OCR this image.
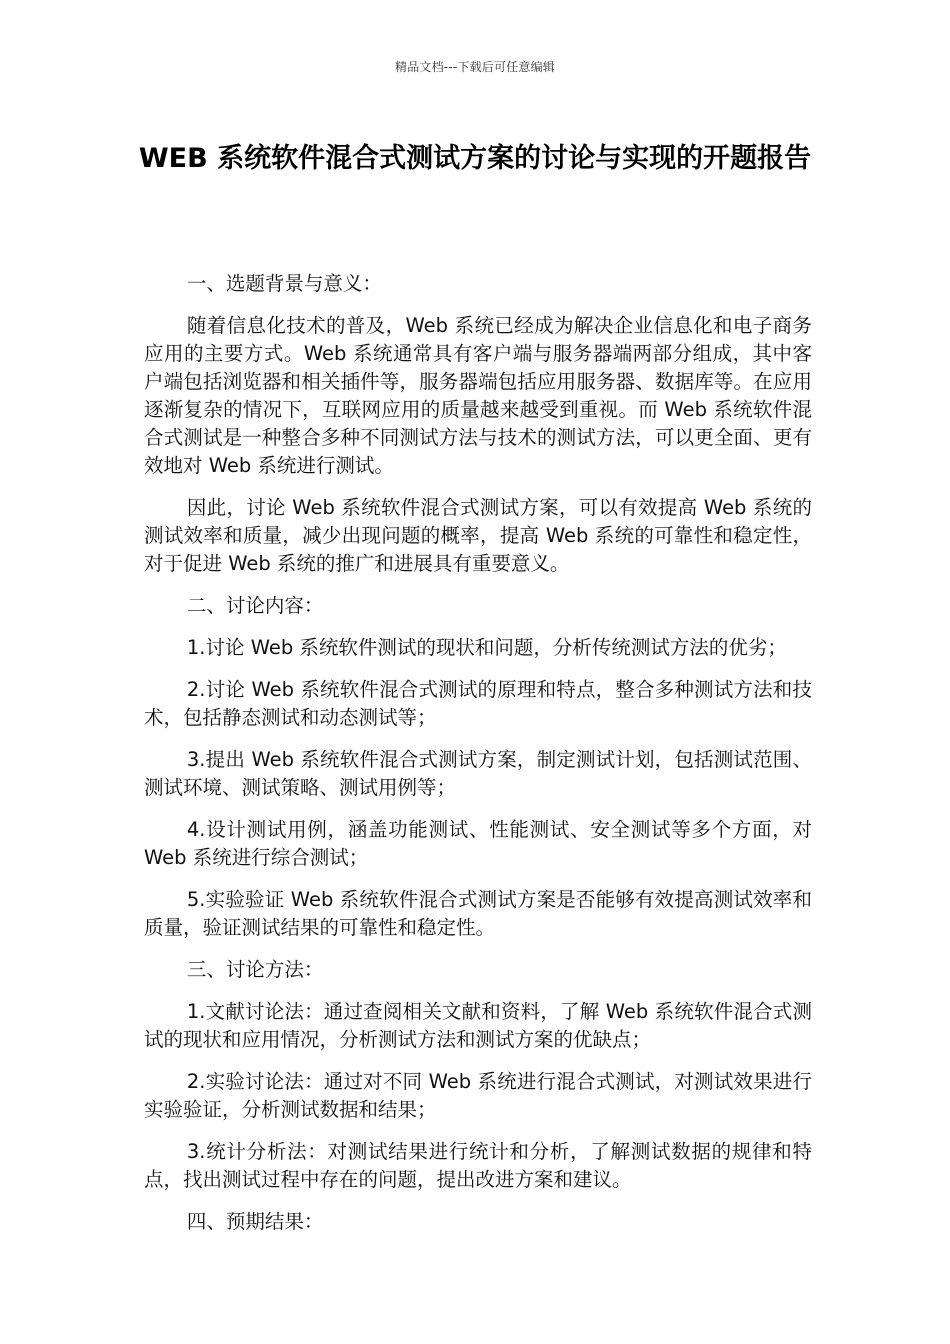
精品文档---下载后可任意编辑
WEB 系统软件混合式测试方案的讨论与实现的开题报告

一、选题背景与意义：

随着信息化技术的普及，Web 系统已经成为解决企业信息化和电子商务应用的主要方式。Web 系统通常具有客户端与服务器端两部分组成，其中客户端包括浏览器和相关插件等，服务器端包括应用服务器、数据库等。在应用逐渐复杂的情况下，互联网应用的质量越来越受到重视。而 Web 系统软件混合式测试是一种整合多种不同测试方法与技术的测试方法，可以更全面、更有效地对 Web 系统进行测试。

因此，讨论 Web 系统软件混合式测试方案，可以有效提高 Web 系统的测试效率和质量，减少出现问题的概率，提高 Web 系统的可靠性和稳定性，对于促进 Web 系统的推广和进展具有重要意义。

二、讨论内容：

1.讨论 Web 系统软件测试的现状和问题，分析传统测试方法的优劣；

2.讨论 Web 系统软件混合式测试的原理和特点，整合多种测试方法和技术，包括静态测试和动态测试等；

3.提出 Web 系统软件混合式测试方案，制定测试计划，包括测试范围、测试环境、测试策略、测试用例等；

4.设计测试用例，涵盖功能测试、性能测试、安全测试等多个方面，对 Web 系统进行综合测试；

5.实验验证 Web 系统软件混合式测试方案是否能够有效提高测试效率和质量，验证测试结果的可靠性和稳定性。

三、讨论方法：

1.文献讨论法：通过查阅相关文献和资料，了解 Web 系统软件混合式测试的现状和应用情况，分析测试方法和测试方案的优缺点；

2.实验讨论法：通过对不同 Web 系统进行混合式测试，对测试效果进行实验验证，分析测试数据和结果；

3.统计分析法：对测试结果进行统计和分析，了解测试数据的规律和特点，找出测试过程中存在的问题，提出改进方案和建议。

四、预期结果：
